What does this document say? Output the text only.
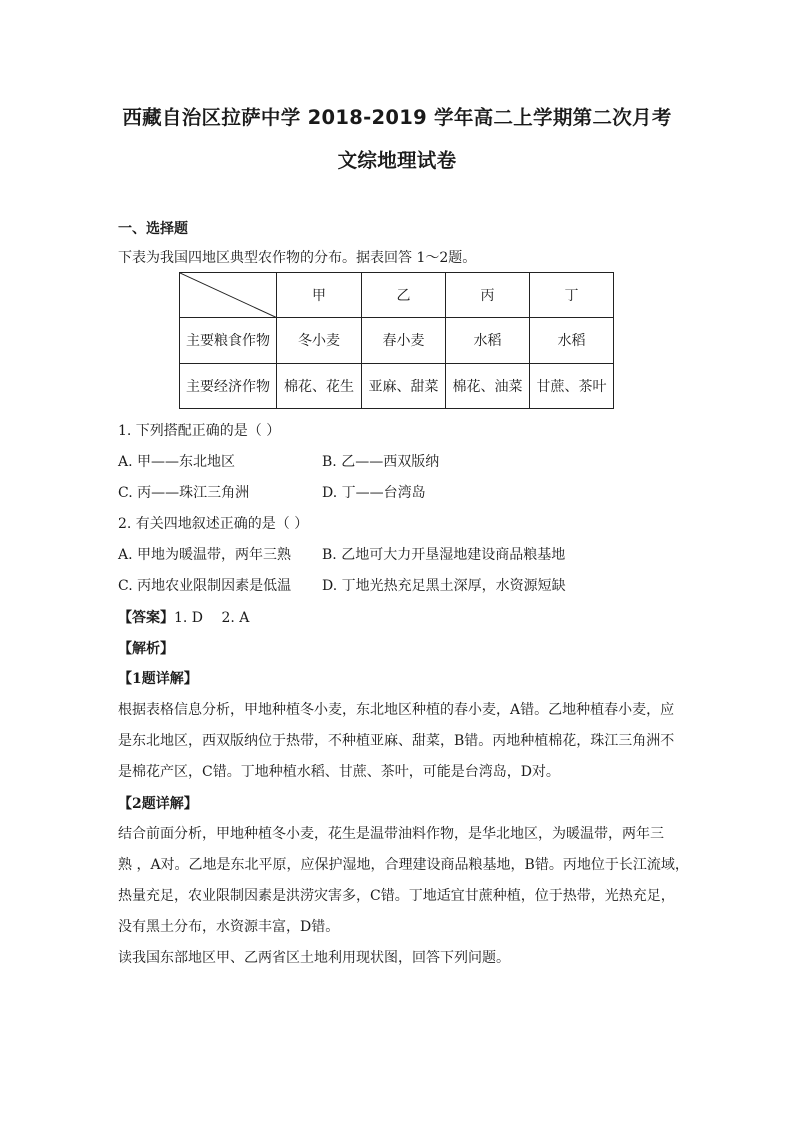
西藏自治区拉萨中学 2018-2019 学年高二上学期第二次月考
文综地理试卷
一、选择题
下表为我国四地区典型农作物的分布。据表回答 1～2题。
	甲	乙	丙	丁
主要粮食作物	冬小麦	春小麦	水稻	水稻
主要经济作物	棉花、花生	亚麻、甜菜	棉花、油菜	甘蔗、茶叶
1. 下列搭配正确的是（ ）
A. 甲——东北地区	B. 乙——西双版纳
C. 丙——珠江三角洲	D. 丁——台湾岛
2. 有关四地叙述正确的是（ ）
A. 甲地为暖温带，两年三熟 B. 乙地可大力开垦湿地建设商品粮基地
C. 丙地农业限制因素是低温 D. 丁地光热充足黑土深厚，水资源短缺
【答案】1. D　 2. A
【解析】
【1题详解】
根据表格信息分析，甲地种植冬小麦，东北地区种植的春小麦，A错。乙地种植春小麦，应
是东北地区，西双版纳位于热带，不种植亚麻、甜菜，B错。丙地种植棉花，珠江三角洲不
是棉花产区，C错。丁地种植水稻、甘蔗、茶叶，可能是台湾岛，D对。
【2题详解】
结合前面分析，甲地种植冬小麦，花生是温带油料作物，是华北地区，为暖温带，两年三
熟 ，A对。乙地是东北平原，应保护湿地，合理建设商品粮基地，B错。丙地位于长江流域，
热量充足，农业限制因素是洪涝灾害多，C错。丁地适宜甘蔗种植，位于热带，光热充足，
没有黑土分布，水资源丰富，D错。
读我国东部地区甲、乙两省区土地利用现状图，回答下列问题。
